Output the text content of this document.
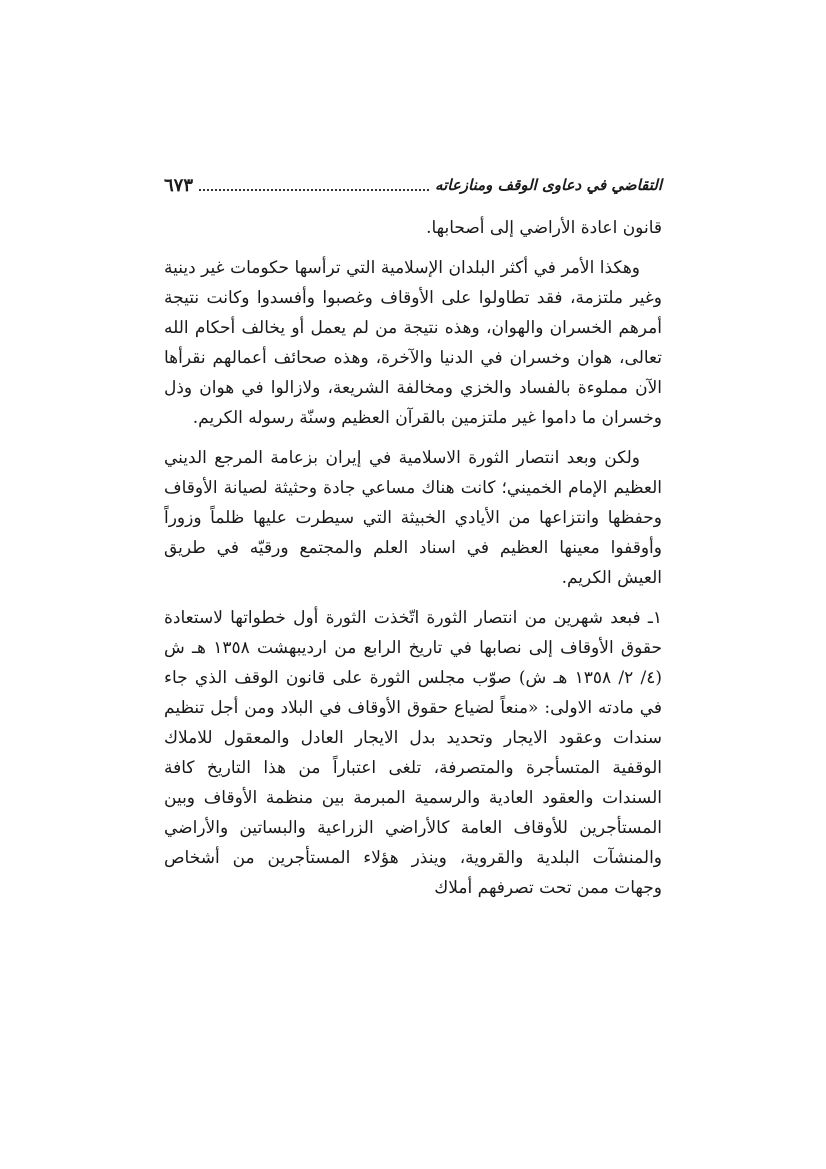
التقاضي في دعاوى الوقف ومنازعاته
٦٧٣

قانون اعادة الأراضي إلى أصحابها.

وهكذا الأمر في أكثر البلدان الإسلامية التي ترأسها حكومات غير دينية وغير ملتزمة، فقد تطاولوا على الأوقاف وغصبوا وأفسدوا وكانت نتيجة أمرهم الخسران والهوان، وهذه نتيجة من لم يعمل أو يخالف أحكام الله تعالى، هوان وخسران في الدنيا والآخرة، وهذه صحائف أعمالهم نقرأها الآن مملوءة بالفساد والخزي ومخالفة الشريعة، ولازالوا في هوان وذل وخسران ما داموا غير ملتزمين بالقرآن العظيم وسنّة رسوله الكريم.

ولكن وبعد انتصار الثورة الاسلامية في إيران بزعامة المرجع الديني العظيم الإمام الخميني؛ كانت هناك مساعي جادة وحثيثة لصيانة الأوقاف وحفظها وانتزاعها من الأيادي الخبيثة التي سيطرت عليها ظلماً وزوراً وأوقفوا معينها العظيم في اسناد العلم والمجتمع ورقيّه في طريق العيش الكريم.

١ـ فبعد شهرين من انتصار الثورة اتّخذت الثورة أول خطواتها لاستعادة حقوق الأوقاف إلى نصابها في تاريخ الرابع من اردیبهشت ١٣٥٨ هـ ش (٤/ ٢/ ١٣٥٨ هـ ش) صوّب مجلس الثورة على قانون الوقف الذي جاء في مادته الاولى: «منعاً لضياع حقوق الأوقاف في البلاد ومن أجل تنظيم سندات وعقود الايجار وتحديد بدل الايجار العادل والمعقول للاملاك الوقفية المتسأجرة والمتصرفة، تلغى اعتباراً من هذا التاريخ كافة السندات والعقود العادية والرسمية المبرمة بين منظمة الأوقاف وبين المستأجرين للأوقاف العامة كالأراضي الزراعية والبساتين والأراضي والمنشآت البلدية والقروية، وينذر هؤلاء المستأجرين من أشخاص وجهات ممن تحت تصرفهم أملاك
